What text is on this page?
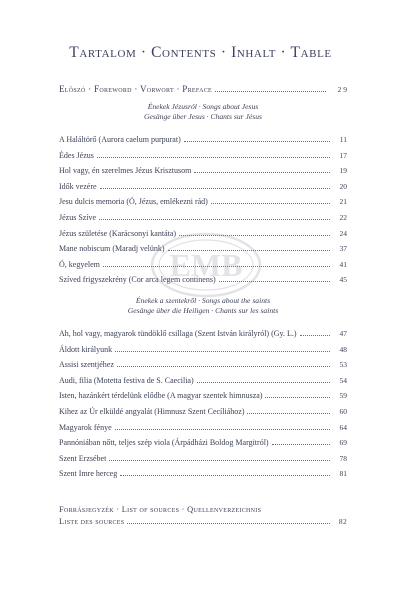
Tartalom · Contents · Inhalt · Table
Előszó · Foreword · Vorwort · Preface	2 9
Énekek Jézusról · Songs about Jesus
Gesänge über Jesus · Chants sur Jésus
A Haláltörő (Aurora caelum purpurat)	11
Édes Jézus	17
Hol vagy, én szerelmes Jézus Krisztusom	19
Idők vezére	20
Jesu dulcis memoria (Ó, Jézus, emlékezni rád)	21
Jézus Szíve	22
Jézus születése (Karácsonyi kantáta)	24
Mane nobiscum (Maradj velünk)	37
Ó, kegyelem	41
Szíved frigyszekrény (Cor arca legem continens)	45
Énekek a szentekről · Songs about the saints
Gesänge über die Heiligen · Chants sur les saints
Ah, hol vagy, magyarok tündöklő csillaga (Szent István királyról) (Gy. L.)	47
Áldott királyunk	48
Assisi szentjéhez	53
Audi, filia (Motetta festiva de S. Caecilia)	54
Isten, hazánkért térdelünk elődbe (A magyar szentek himnusza)	59
Kihez az Úr elküldé angyalát (Himnusz Szent Cecíliához)	60
Magyarok fénye	64
Pannóniában nőtt, teljes szép viola (Árpádházi Boldog Margitról)	69
Szent Erzsébet	78
Szent Imre herceg	81
Forrásjegyzék · List of sources · Quellenverzeichnis
Liste des sources	82
EMB
